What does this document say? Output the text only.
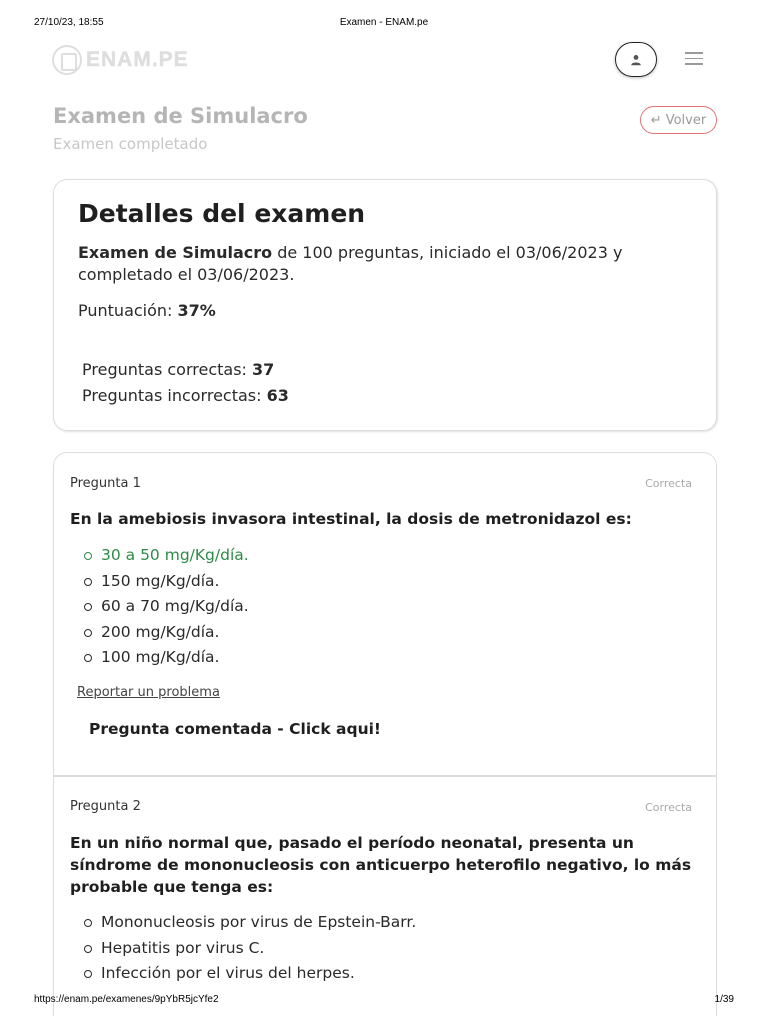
27/10/23, 18:55	Examen - ENAM.pe
ENAM.PE
Examen de Simulacro
Examen completado
↵ Volver
Detalles del examen
Examen de Simulacro de 100 preguntas, iniciado el 03/06/2023 y completado el 03/06/2023.
Puntuación: 37%
Preguntas correctas: 37
Preguntas incorrectas: 63
Pregunta 1	Correcta
En la amebiosis invasora intestinal, la dosis de metronidazol es:
30 a 50 mg/Kg/día.
150 mg/Kg/día.
60 a 70 mg/Kg/día.
200 mg/Kg/día.
100 mg/Kg/día.
Reportar un problema
Pregunta comentada - Click aqui!
Pregunta 2	Correcta
En un niño normal que, pasado el período neonatal, presenta un síndrome de mononucleosis con anticuerpo heterofilo negativo, lo más probable que tenga es:
Mononucleosis por virus de Epstein-Barr.
Hepatitis por virus C.
Infección por el virus del herpes.
https://enam.pe/examenes/9pYbR5jcYfe2	1/39
